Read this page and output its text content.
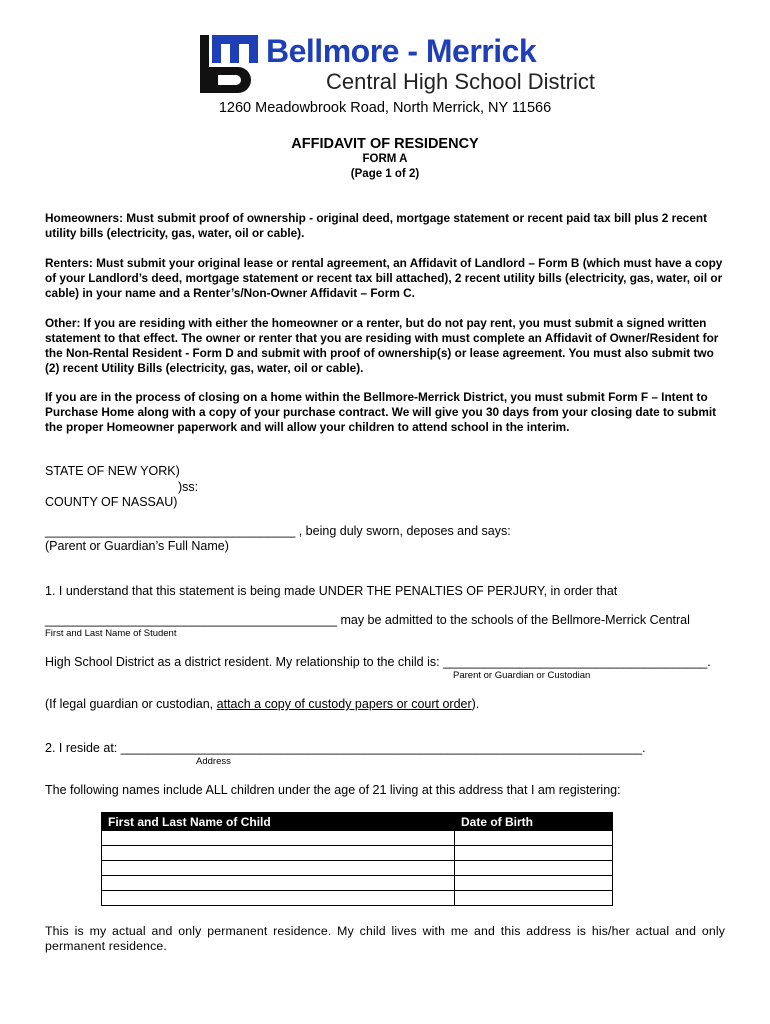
Bellmore - Merrick
Central High School District
1260 Meadowbrook Road, North Merrick, NY 11566
AFFIDAVIT OF RESIDENCY
FORM A
(Page 1 of 2)
Homeowners: Must submit proof of ownership - original deed, mortgage statement or recent paid tax bill plus 2 recent utility bills (electricity, gas, water, oil or cable).
Renters: Must submit your original lease or rental agreement, an Affidavit of Landlord – Form B (which must have a copy of your Landlord’s deed, mortgage statement or recent tax bill attached), 2 recent utility bills (electricity, gas, water, oil or cable) in your name and a Renter’s/Non-Owner Affidavit – Form C.
Other: If you are residing with either the homeowner or a renter, but do not pay rent, you must submit a signed written statement to that effect. The owner or renter that you are residing with must complete an Affidavit of Owner/Resident for the Non-Rental Resident - Form D and submit with proof of ownership(s) or lease agreement. You must also submit two (2) recent Utility Bills (electricity, gas, water, oil or cable).
If you are in the process of closing on a home within the Bellmore-Merrick District, you must submit Form F – Intent to Purchase Home along with a copy of your purchase contract. We will give you 30 days from your closing date to submit the proper Homeowner paperwork and will allow your children to attend school in the interim.
STATE OF NEW YORK)
)ss:
COUNTY OF NASSAU)
____________________________________ , being duly sworn, deposes and says:
(Parent or Guardian’s Full Name)
1. I understand that this statement is being made UNDER THE PENALTIES OF PERJURY, in order that
__________________________________________ may be admitted to the schools of the Bellmore-Merrick Central
First and Last Name of Student
High School District as a district resident. My relationship to the child is: ______________________________________.
Parent or Guardian or Custodian
(If legal guardian or custodian, attach a copy of custody papers or court order).
2. I reside at: ___________________________________________________________________________.
Address
The following names include ALL children under the age of 21 living at this address that I am registering:
First and Last Name of Child	Date of Birth

This is my actual and only permanent residence. My child lives with me and this address is his/her actual and only permanent residence.
